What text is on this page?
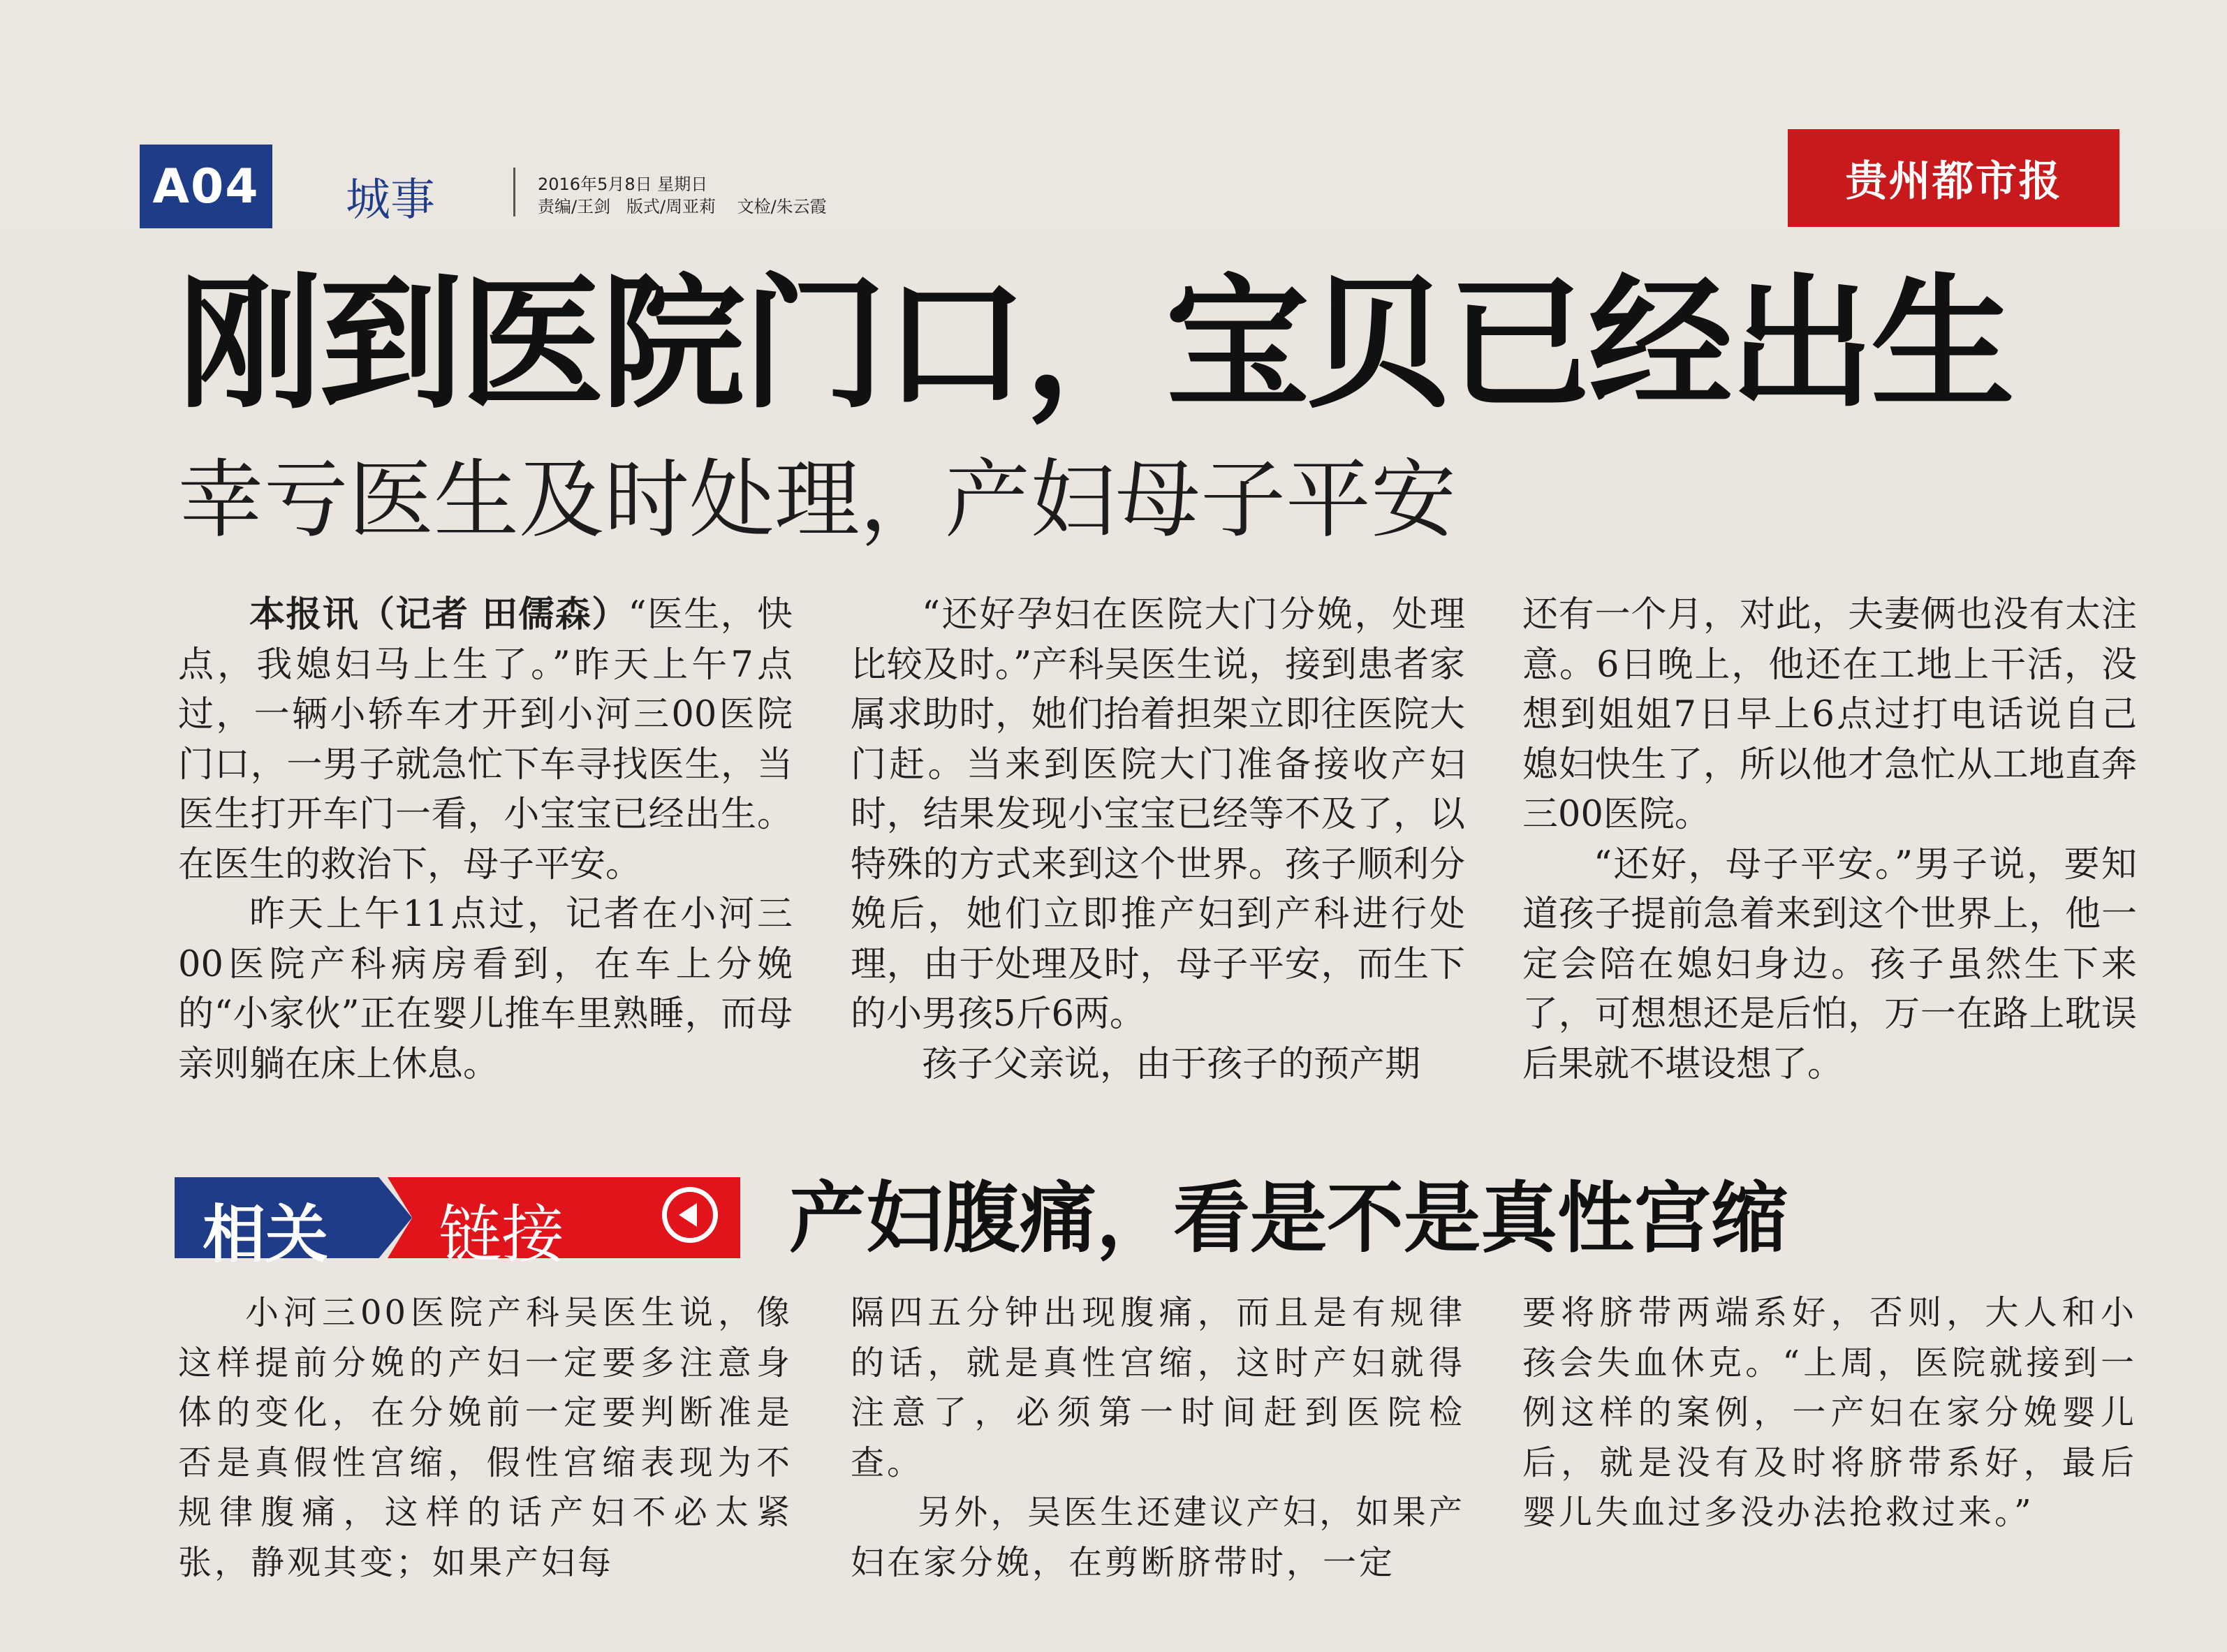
A04 城事	2016年5月8日 星期日
责编/王剑   版式/周亚莉    文检/朱云霞
贵州都市报
刚到医院门口，宝贝已经出生
幸亏医生及时处理，产妇母子平安

本报讯（记者 田儒森）“医生，快点，我媳妇马上生了。”昨天上午7点过，一辆小轿车才开到小河三00医院门口，一男子就急忙下车寻找医生，当医生打开车门一看，小宝宝已经出生。在医生的救治下，母子平安。

昨天上午11点过，记者在小河三00医院产科病房看到，在车上分娩的“小家伙”正在婴儿推车里熟睡，而母亲则躺在床上休息。

“还好孕妇在医院大门分娩，处理比较及时。”产科吴医生说，接到患者家属求助时，她们抬着担架立即往医院大门赶。当来到医院大门准备接收产妇时，结果发现小宝宝已经等不及了，以特殊的方式来到这个世界。孩子顺利分娩后，她们立即推产妇到产科进行处理，由于处理及时，母子平安，而生下的小男孩5斤6两。

孩子父亲说，由于孩子的预产期

还有一个月，对此，夫妻俩也没有太注意。6日晚上，他还在工地上干活，没想到姐姐7日早上6点过打电话说自己媳妇快生了，所以他才急忙从工地直奔三00医院。

“还好，母子平安。”男子说，要知道孩子提前急着来到这个世界上，他一定会陪在媳妇身边。孩子虽然生下来了，可想想还是后怕，万一在路上耽误后果就不堪设想了。

相关 链接	产妇腹痛，看是不是真性宫缩

小河三00医院产科吴医生说，像这样提前分娩的产妇一定要多注意身体的变化，在分娩前一定要判断准是否是真假性宫缩，假性宫缩表现为不规律腹痛，这样的话产妇不必太紧张，静观其变；如果产妇每

隔四五分钟出现腹痛，而且是有规律的话，就是真性宫缩，这时产妇就得注意了，必须第一时间赶到医院检查。

另外，吴医生还建议产妇，如果产妇在家分娩，在剪断脐带时，一定

要将脐带两端系好，否则，大人和小孩会失血休克。“上周，医院就接到一例这样的案例，一产妇在家分娩婴儿后，就是没有及时将脐带系好，最后婴儿失血过多没办法抢救过来。”
